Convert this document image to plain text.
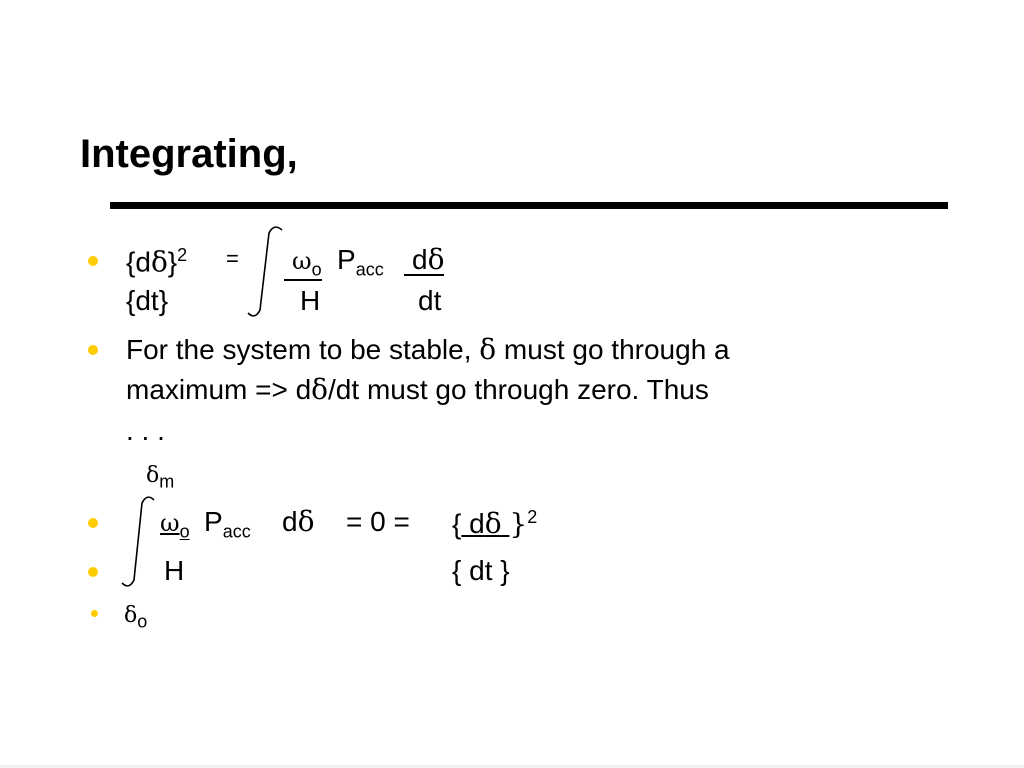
Integrating,
$\{d\delta\}^2$
{dt}
=	$\omega_o$ $P_{acc}$ dδ
H	dt
For the system to be stable, δ must go through a
maximum => dδ/dt must go through zero. Thus
. . .
$\delta_m$
$\omega_o$ $P_{acc}$ dδ = 0 = { dδ }$^2$
H	{ dt }
$\delta_o$
